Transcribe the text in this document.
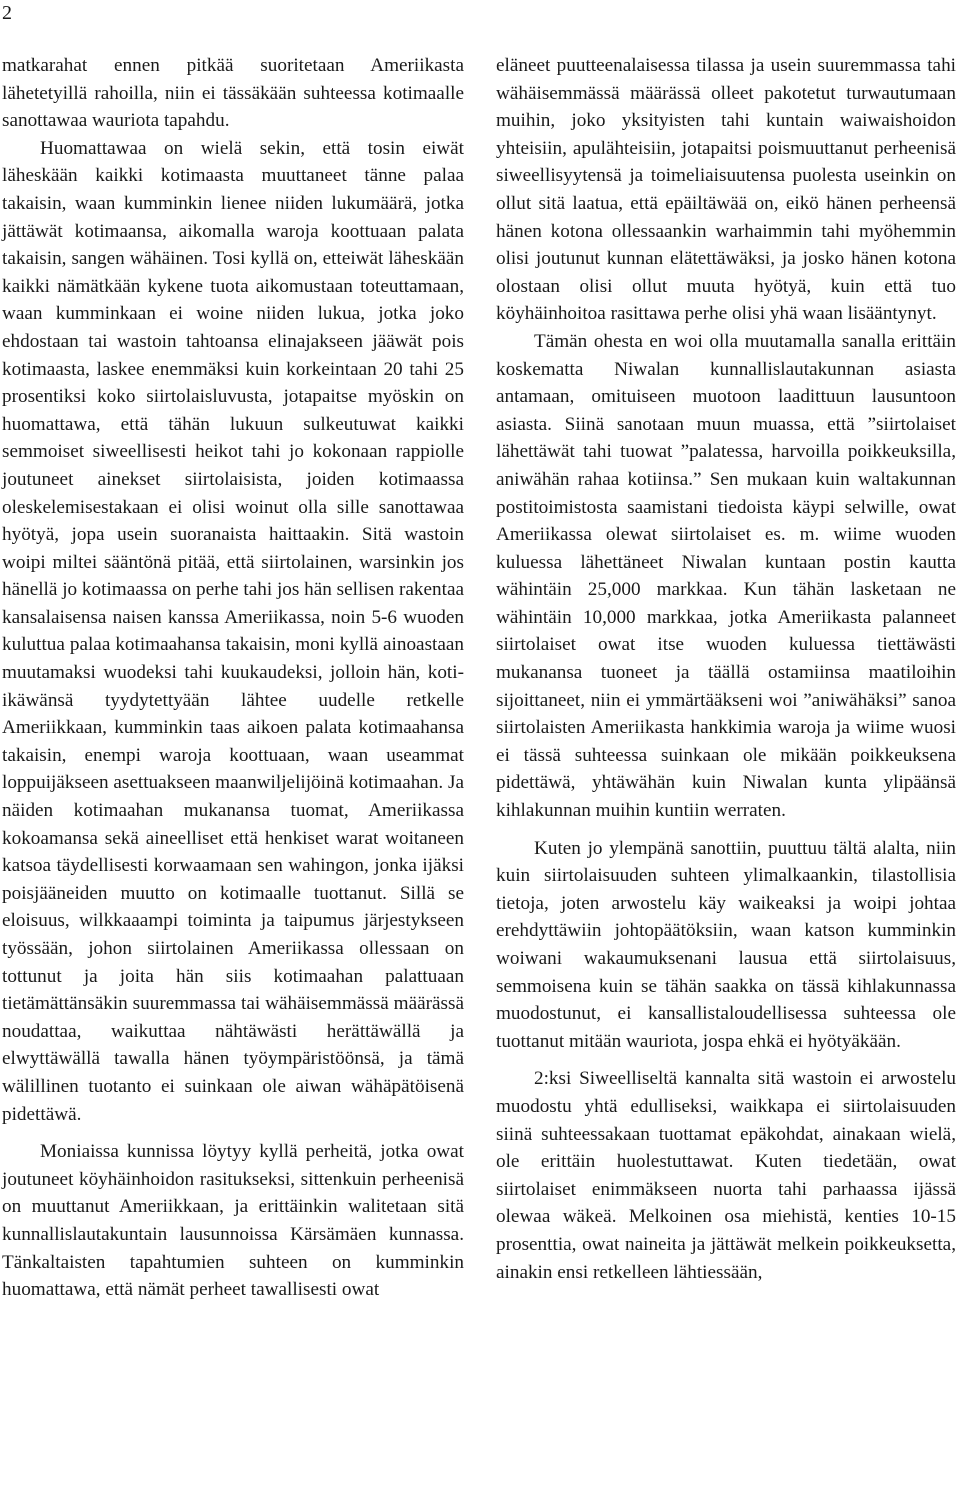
2

matkarahat ennen pitkää suoritetaan Ameriikasta lähetetyillä rahoilla, niin ei tässäkään suhteessa kotimaalle sanottawaa wauriota tapahdu.

Huomattawaa on wielä sekin, että tosin eiwät läheskään kaikki kotimaasta muuttaneet tänne palaa takaisin, waan kumminkin lienee niiden lukumäärä, jotka jättäwät kotimaansa, aikomalla waroja koottuaan palata takaisin, sangen wähäinen. Tosi kyllä on, etteiwät läheskään kaikki nämätkään kykene tuota aikomustaan toteuttamaan, waan kumminkaan ei woine niiden lukua, jotka joko ehdostaan tai wastoin tahtoansa elinajakseen jääwät pois kotimaasta, laskee enemmäksi kuin korkeintaan 20 tahi 25 prosentiksi koko siirtolaisluvusta, jotapaitse myöskin on huomattawa, että tähän lukuun sulkeutuwat kaikki semmoiset siweellisesti heikot tahi jo kokonaan rappiolle joutuneet ainekset siirtolaisista, joiden kotimaassa oleskelemisestakaan ei olisi woinut olla sille sanottawaa hyötyä, jopa usein suoranaista haittaakin. Sitä wastoin woipi miltei sääntönä pitää, että siirtolainen, warsinkin jos hänellä jo kotimaassa on perhe tahi jos hän sellisen rakentaa kansalaisensa naisen kanssa Ameriikassa, noin 5-6 wuoden kuluttua palaa kotimaahansa takaisin, moni kyllä ainoastaan muutamaksi wuodeksi tahi kuukaudeksi, jolloin hän, koti-ikäwänsä tyydytettyään lähtee uudelle retkelle Ameriikkaan, kumminkin taas aikoen palata kotimaahansa takaisin, enempi waroja koottuaan, waan useammat loppuijäkseen asettuakseen maanwiljelijöinä kotimaahan. Ja näiden kotimaahan mukanansa tuomat, Ameriikassa kokoamansa sekä aineelliset että henkiset warat woitaneen katsoa täydellisesti korwaamaan sen wahingon, jonka ijäksi poisjääneiden muutto on kotimaalle tuottanut. Sillä se eloisuus, wilkkaaampi toiminta ja taipumus järjestykseen työssään, johon siirtolainen Ameriikassa ollessaan on tottunut ja joita hän siis kotimaahan palattuaan tietämättänsäkin suuremmassa tai wähäisemmässä määrässä noudattaa, waikuttaa nähtäwästi herättäwällä ja elwyttäwällä tawalla hänen työympäristöönsä, ja tämä wälillinen tuotanto ei suinkaan ole aiwan wähäpätöisenä pidettäwä.

Moniaissa kunnissa löytyy kyllä perheitä, jotka owat joutuneet köyhäinhoidon rasitukseksi, sittenkuin perheenisä on muuttanut Ameriikkaan, ja erittäinkin walitetaan sitä kunnallislautakuntain lausunnoissa Kärsämäen kunnassa. Tänkaltaisten tapahtumien suhteen on kumminkin huomattawa, että nämät perheet tawallisesti owat

eläneet puutteenalaisessa tilassa ja usein suuremmassa tahi wähäisemmässä määrässä olleet pakotetut turwautumaan muihin, joko yksityisten tahi kuntain waiwaishoidon yhteisiin, apulähteisiin, jotapaitsi poismuuttanut perheenisä siweellisyytensä ja toimeliaisuutensa puolesta useinkin on ollut sitä laatua, että epäiltäwää on, eikö hänen perheensä hänen kotona ollessaankin warhaimmin tahi myöhemmin olisi joutunut kunnan elätettäwäksi, ja josko hänen kotona olostaan olisi ollut muuta hyötyä, kuin että tuo köyhäinhoitoa rasittawa perhe olisi yhä waan lisääntynyt.

Tämän ohesta en woi olla muutamalla sanalla erittäin koskematta Niwalan kunnallislautakunnan asiasta antamaan, omituiseen muotoon laadittuun lausuntoon asiasta. Siinä sanotaan muun muassa, että ”siirtolaiset lähettäwät tahi tuowat ”palatessa, harvoilla poikkeuksilla, aniwähän rahaa kotiinsa.” Sen mukaan kuin waltakunnan postitoimistosta saamistani tiedoista käypi selwille, owat Ameriikassa olewat siirtolaiset es. m. wiime wuoden kuluessa lähettäneet Niwalan kuntaan postin kautta wähintäin 25,000 markkaa. Kun tähän lasketaan ne wähintäin 10,000 markkaa, jotka Ameriikasta palanneet siirtolaiset owat itse wuoden kuluessa tiettäwästi mukanansa tuoneet ja täällä ostamiinsa maatiloihin sijoittaneet, niin ei ymmärtääkseni woi ”aniwähäksi” sanoa siirtolaisten Ameriikasta hankkimia waroja ja wiime wuosi ei tässä suhteessa suinkaan ole mikään poikkeuksena pidettäwä, yhtäwähän kuin Niwalan kunta ylipäänsä kihlakunnan muihin kuntiin werraten.

Kuten jo ylempänä sanottiin, puuttuu tältä alalta, niin kuin siirtolaisuuden suhteen ylimalkaankin, tilastollisia tietoja, joten arwostelu käy waikeaksi ja woipi johtaa erehdyttäwiin johtopäätöksiin, waan katson kumminkin woiwani wakaumuksenani lausua että siirtolaisuus, semmoisena kuin se tähän saakka on tässä kihlakunnassa muodostunut, ei kansallistaloudellisessa suhteessa ole tuottanut mitään wauriota, jospa ehkä ei hyötyäkään.

2:ksi Siweelliseltä kannalta sitä wastoin ei arwostelu muodostu yhtä edulliseksi, waikkapa ei siirtolaisuuden siinä suhteessakaan tuottamat epäkohdat, ainakaan wielä, ole erittäin huolestuttawat. Kuten tiedetään, owat siirtolaiset enimmäkseen nuorta tahi parhaassa ijässä olewaa wäkeä. Melkoinen osa miehistä, kenties 10-15 prosenttia, owat naineita ja jättäwät melkein poikkeuksetta, ainakin ensi retkelleen lähtiessään,
